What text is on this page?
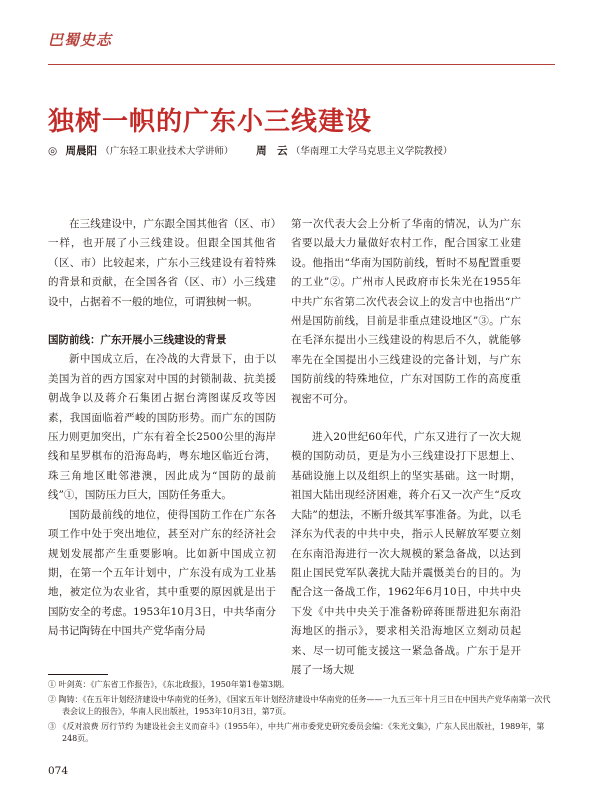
巴蜀史志
独树一帜的广东小三线建设
◎ 周晨阳 （广东轻工职业技术大学讲师） 周　云 （华南理工大学马克思主义学院教授）

在三线建设中，广东跟全国其他省（区、市）一样，也开展了小三线建设。但跟全国其他省（区、市）比较起来，广东小三线建设有着特殊的背景和贡献，在全国各省（区、市）小三线建设中，占据着不一般的地位，可谓独树一帜。

国防前线：广东开展小三线建设的背景

新中国成立后，在冷战的大背景下，由于以美国为首的西方国家对中国的封锁制裁、抗美援朝战争以及蒋介石集团占据台湾图谋反攻等因素，我国面临着严峻的国防形势。而广东的国防压力则更加突出，广东有着全长2500公里的海岸线和星罗棋布的沿海岛屿，粤东地区临近台湾，珠三角地区毗邻港澳，因此成为“国防的最前线”①，国防压力巨大，国防任务重大。

国防最前线的地位，使得国防工作在广东各项工作中处于突出地位，甚至对广东的经济社会规划发展都产生重要影响。比如新中国成立初期，在第一个五年计划中，广东没有成为工业基地，被定位为农业省，其中重要的原因就是出于国防安全的考虑。1953年10月3日，中共华南分局书记陶铸在中国共产党华南分局

第一次代表大会上分析了华南的情况，认为广东省要以最大力量做好农村工作，配合国家工业建设。他指出“华南为国防前线，暂时不易配置重要的工业”②。广州市人民政府市长朱光在1955年中共广东省第二次代表会议上的发言中也指出“广州是国防前线，目前是非重点建设地区”③。广东在毛泽东提出小三线建设的构思后不久，就能够率先在全国提出小三线建设的完备计划，与广东国防前线的特殊地位，广东对国防工作的高度重视密不可分。

进入20世纪60年代，广东又进行了一次大规模的国防动员，更是为小三线建设打下思想上、基础设施上以及组织上的坚实基础。这一时期，祖国大陆出现经济困难，蒋介石又一次产生“反攻大陆”的想法，不断升级其军事准备。为此，以毛泽东为代表的中共中央，指示人民解放军要立刻在东南沿海进行一次大规模的紧急备战，以达到阻止国民党军队袭扰大陆并震慑美台的目的。为配合这一备战工作，1962年6月10日，中共中央下发《中共中央关于准备粉碎蒋匪帮进犯东南沿海地区的指示》，要求相关沿海地区立刻动员起来、尽一切可能支援这一紧急备战。广东于是开展了一场大规

① 叶剑英：《广东省工作报告》，《东北政报》，1950年第1卷第3期。

② 陶铸：《在五年计划经济建设中华南党的任务》，《国家五年计划经济建设中华南党的任务——一九五三年十月三日在中国共产党华南第一次代表会议上的报告》，华南人民出版社，1953年10月3日，第7页。

③ 《反对浪费 厉行节约 为建设社会主义而奋斗》（1955年），中共广州市委党史研究委员会编：《朱光文集》，广东人民出版社，1989年，第248页。

074
